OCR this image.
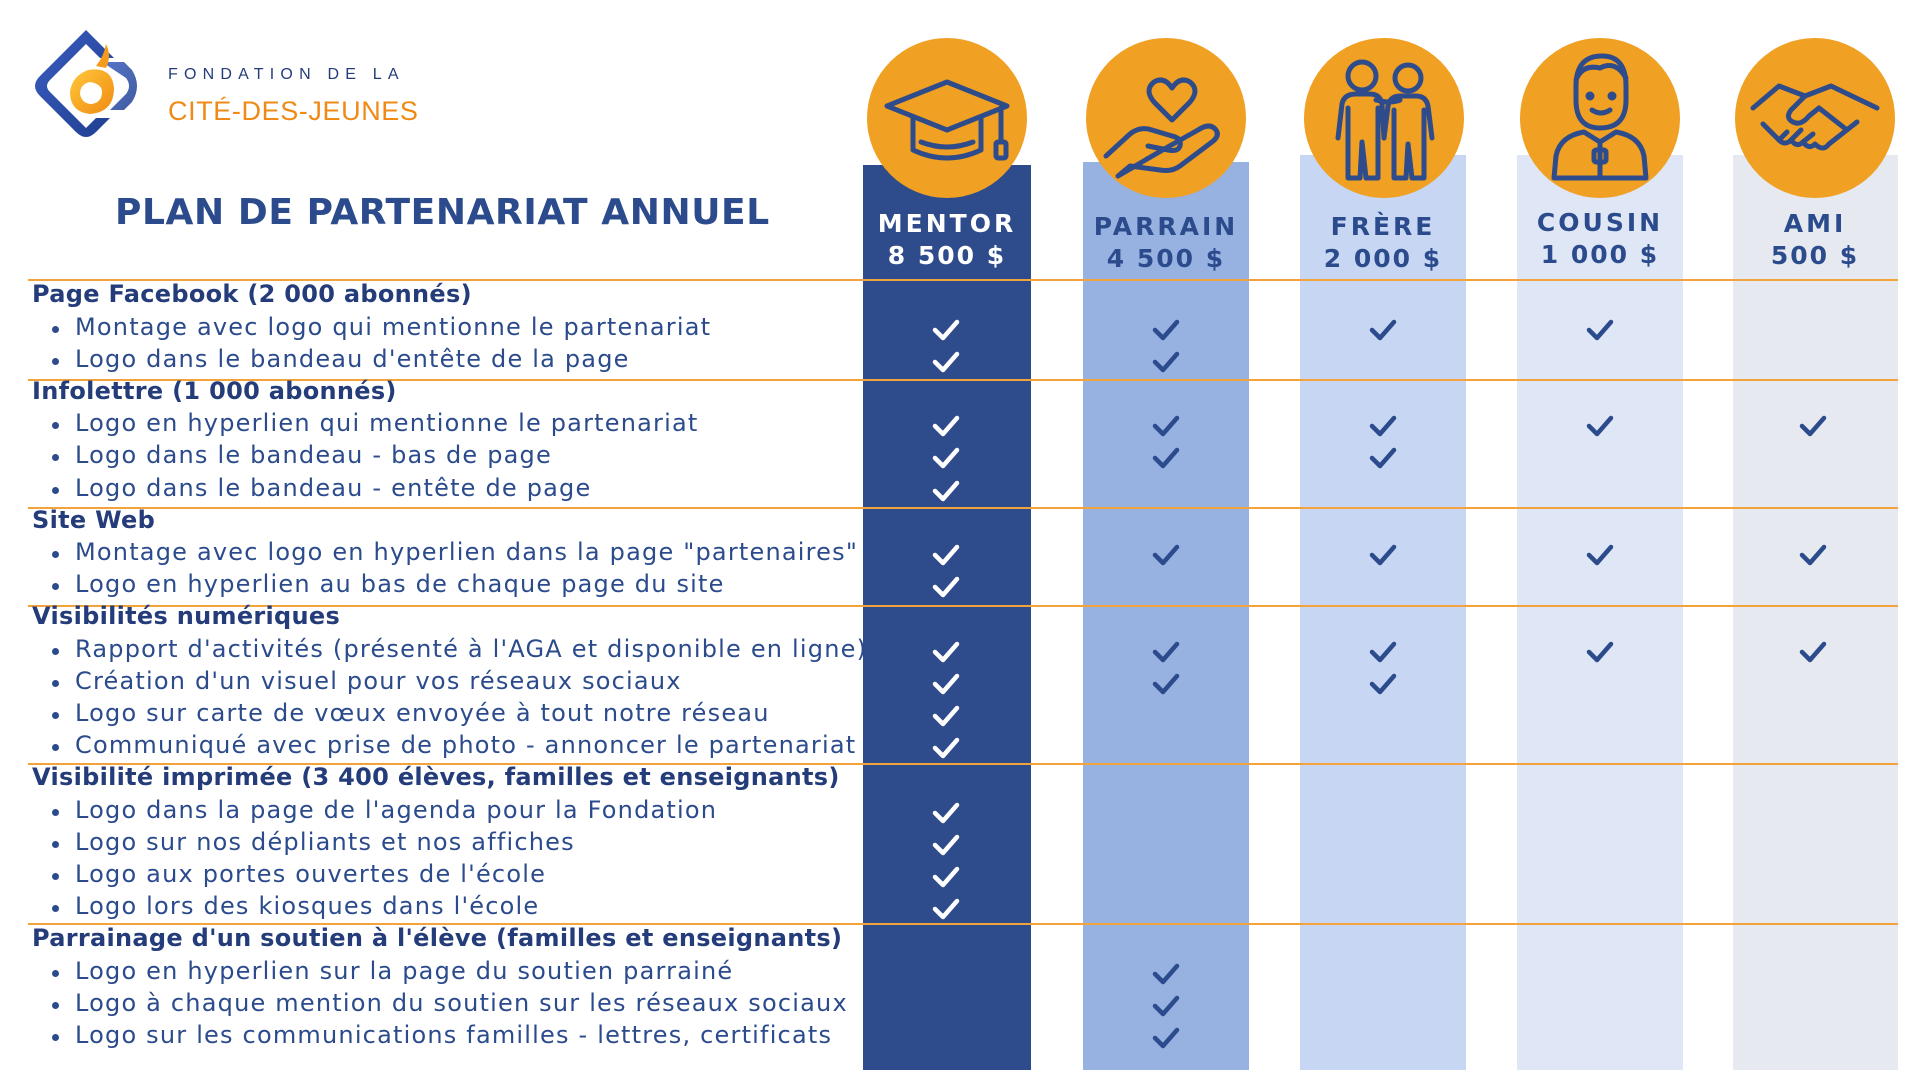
FONDATION DE LA

CITÉ-DES-JEUNES

PLAN DE PARTENARIAT ANNUEL	MENTOR
8 500 $
PARRAIN
4 500 $
FRÈRE
2 000 $
COUSIN
1 000 $
AMI
500 $

Page Facebook (2 000 abonnés)

Montage avec logo qui mentionne le partenariat

Logo dans le bandeau d'entête de la page

Infolettre (1 000 abonnés)

Logo en hyperlien qui mentionne le partenariat

Logo dans le bandeau - bas de page

Logo dans le bandeau - entête de page

Site Web

Montage avec logo en hyperlien dans la page "partenaires"

Logo en hyperlien au bas de chaque page du site

Visibilités numériques

Rapport d'activités (présenté à l'AGA et disponible en ligne)

Création d'un visuel pour vos réseaux sociaux

Logo sur carte de vœux envoyée à tout notre réseau

Communiqué avec prise de photo - annoncer le partenariat

Visibilité imprimée (3 400 élèves, familles et enseignants)

Logo dans la page de l'agenda pour la Fondation

Logo sur nos dépliants et nos affiches

Logo aux portes ouvertes de l'école

Logo lors des kiosques dans l'école

Parrainage d'un soutien à l'élève (familles et enseignants)

Logo en hyperlien sur la page du soutien parrainé

Logo à chaque mention du soutien sur les réseaux sociaux

Logo sur les communications familles - lettres, certificats
